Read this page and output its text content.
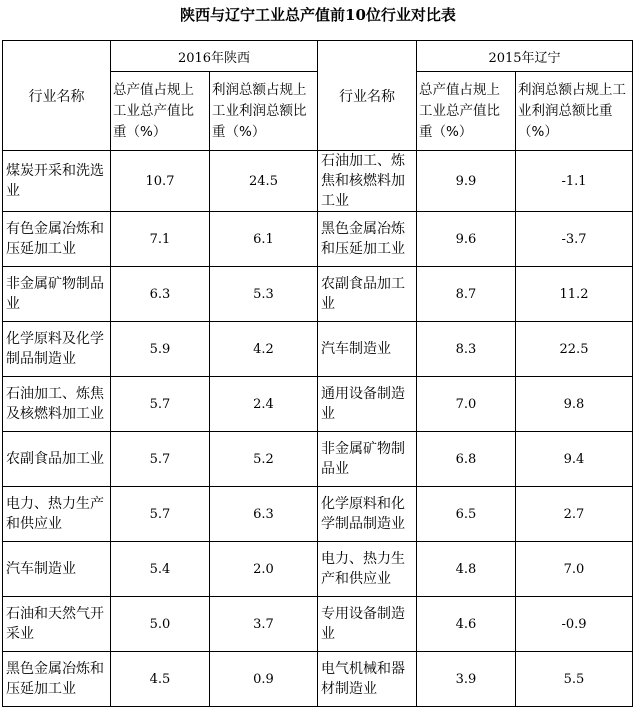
陕西与辽宁工业总产值前10位行业对比表
行业名称	2016年陕西		行业名称	2015年辽宁	
	总产值占规上工业总产值比重（%）	利润总额占规上工业利润总额比重（%）		总产值占规上工业总产值比重（%）	利润总额占规上工业利润总额比重（%）
煤炭开采和洗选业	10.7	24.5	石油加工、炼焦和核燃料加工业	9.9	-1.1
有色金属冶炼和压延加工业	7.1	6.1	黑色金属冶炼和压延加工业	9.6	-3.7
非金属矿物制品业	6.3	5.3	农副食品加工业	8.7	11.2
化学原料及化学制品制造业	5.9	4.2	汽车制造业	8.3	22.5
石油加工、炼焦及核燃料加工业	5.7	2.4	通用设备制造业	7.0	9.8
农副食品加工业	5.7	5.2	非金属矿物制品业	6.8	9.4
电力、热力生产和供应业	5.7	6.3	化学原料和化学制品制造业	6.5	2.7
汽车制造业	5.4	2.0	电力、热力生产和供应业	4.8	7.0
石油和天然气开采业	5.0	3.7	专用设备制造业	4.6	-0.9
黑色金属冶炼和压延加工业	4.5	0.9	电气机械和器材制造业	3.9	5.5
